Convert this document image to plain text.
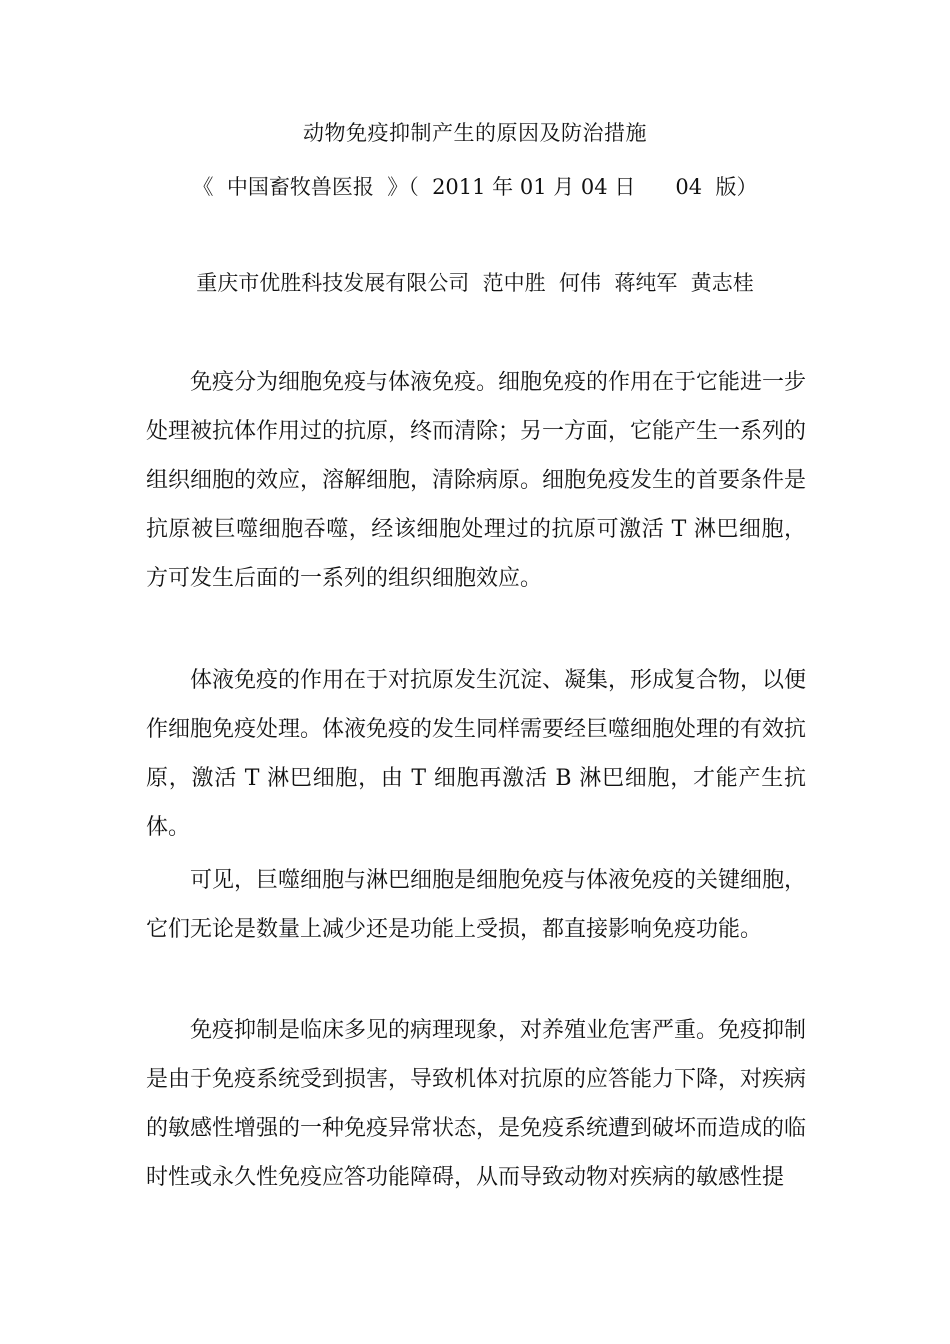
动物免疫抑制产生的原因及防治措施
《  中国畜牧兽医报  》（  2011 年 01 月 04 日      04  版）
重庆市优胜科技发展有限公司  范中胜  何伟  蒋纯军  黄志桂

免疫分为细胞免疫与体液免疫。细胞免疫的作用在于它能进一步处理被抗体作用过的抗原，终而清除；另一方面，它能产生一系列的组织细胞的效应，溶解细胞，清除病原。细胞免疫发生的首要条件是抗原被巨噬细胞吞噬，经该细胞处理过的抗原可激活 T 淋巴细胞，方可发生后面的一系列的组织细胞效应。

体液免疫的作用在于对抗原发生沉淀、凝集，形成复合物，以便作细胞免疫处理。体液免疫的发生同样需要经巨噬细胞处理的有效抗原，激活 T 淋巴细胞，由 T 细胞再激活 B 淋巴细胞，才能产生抗体。

可见，巨噬细胞与淋巴细胞是细胞免疫与体液免疫的关键细胞，它们无论是数量上减少还是功能上受损，都直接影响免疫功能。

免疫抑制是临床多见的病理现象，对养殖业危害严重。免疫抑制是由于免疫系统受到损害，导致机体对抗原的应答能力下降，对疾病的敏感性增强的一种免疫异常状态，是免疫系统遭到破坏而造成的临时性或永久性免疫应答功能障碍，从而导致动物对疾病的敏感性提
